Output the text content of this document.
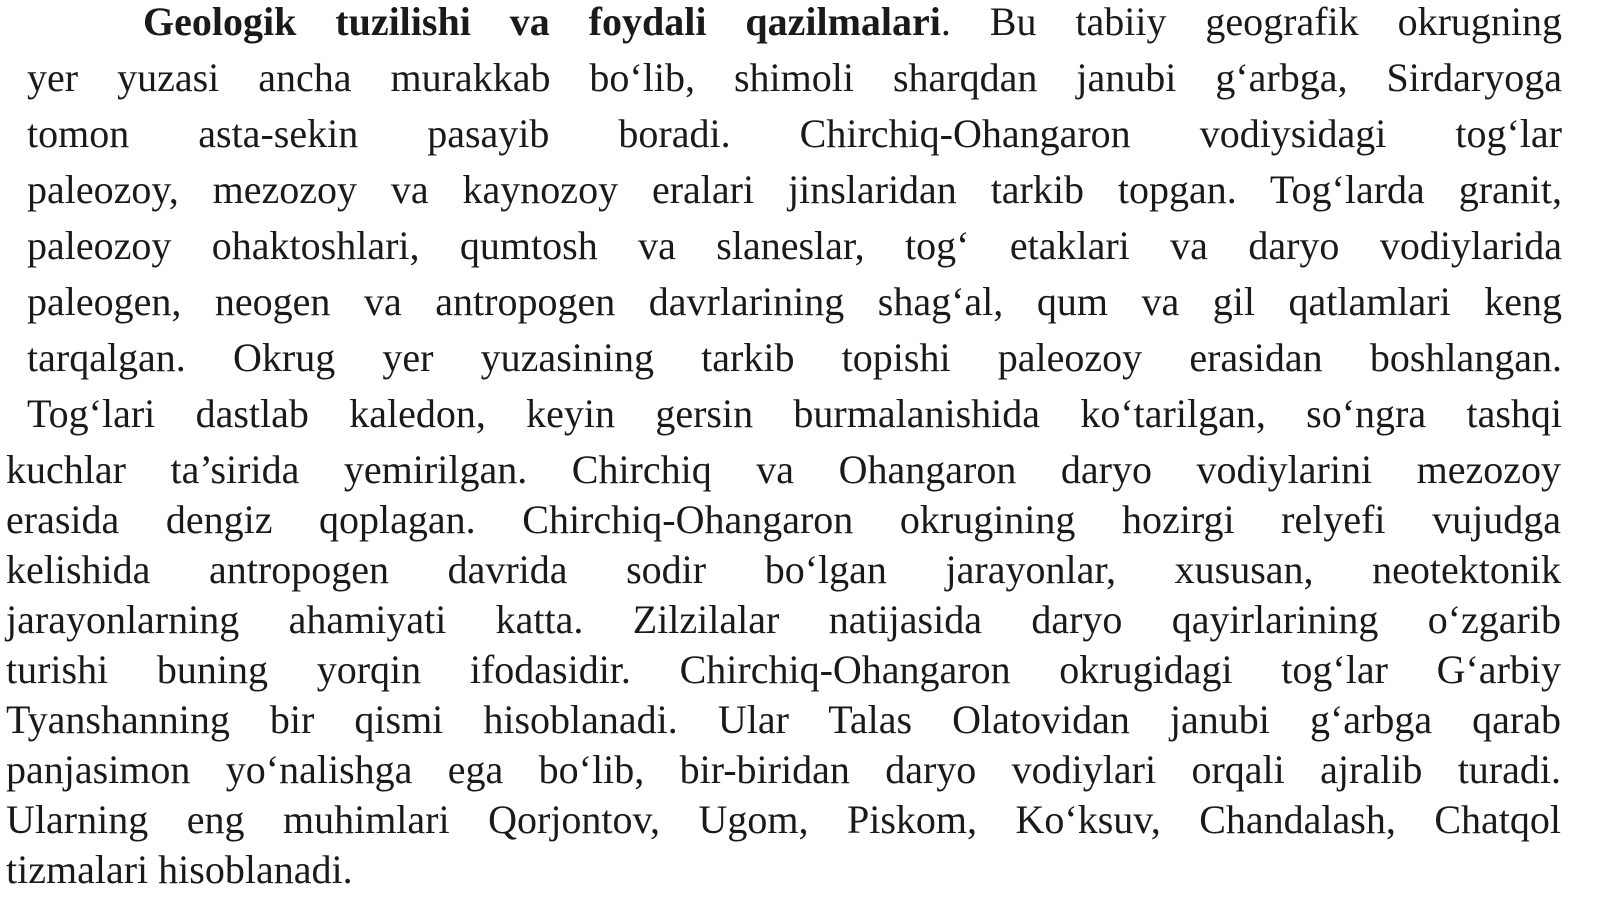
Geologik tuzilishi va foydali qazilmalari. Bu tabiiy geografik okrugning
yer yuzasi ancha murakkab bo‘lib, shimoli sharqdan janubi g‘arbga, Sirdaryoga
tomon asta-sekin pasayib boradi. Chirchiq-Ohangaron vodiysidagi tog‘lar
paleozoy, mezozoy va kaynozoy eralari jinslaridan tarkib topgan. Tog‘larda granit,
paleozoy ohaktoshlari, qumtosh va slaneslar, tog‘ etaklari va daryo vodiylarida
paleogen, neogen va antropogen davrlarining shag‘al, qum va gil qatlamlari keng
tarqalgan. Okrug yer yuzasining tarkib topishi paleozoy erasidan boshlangan.
Tog‘lari dastlab kaledon, keyin gersin burmalanishida ko‘tarilgan, so‘ngra tashqi
kuchlar ta’sirida yemirilgan. Chirchiq va Ohangaron daryo vodiylarini mezozoy
erasida dengiz qoplagan. Chirchiq-Ohangaron okrugining hozirgi relyefi vujudga
kelishida antropogen davrida sodir bo‘lgan jarayonlar, xususan, neotektonik
jarayonlarning ahamiyati katta. Zilzilalar natijasida daryo qayirlarining o‘zgarib
turishi buning yorqin ifodasidir. Chirchiq-Ohangaron okrugidagi tog‘lar G‘arbiy
Tyanshanning bir qismi hisoblanadi. Ular Talas Olatovidan janubi g‘arbga qarab
panjasimon yo‘nalishga ega bo‘lib, bir-biridan daryo vodiylari orqali ajralib turadi.
Ularning eng muhimlari Qorjontov, Ugom, Piskom, Ko‘ksuv, Chandalash, Chatqol
tizmalari hisoblanadi.
